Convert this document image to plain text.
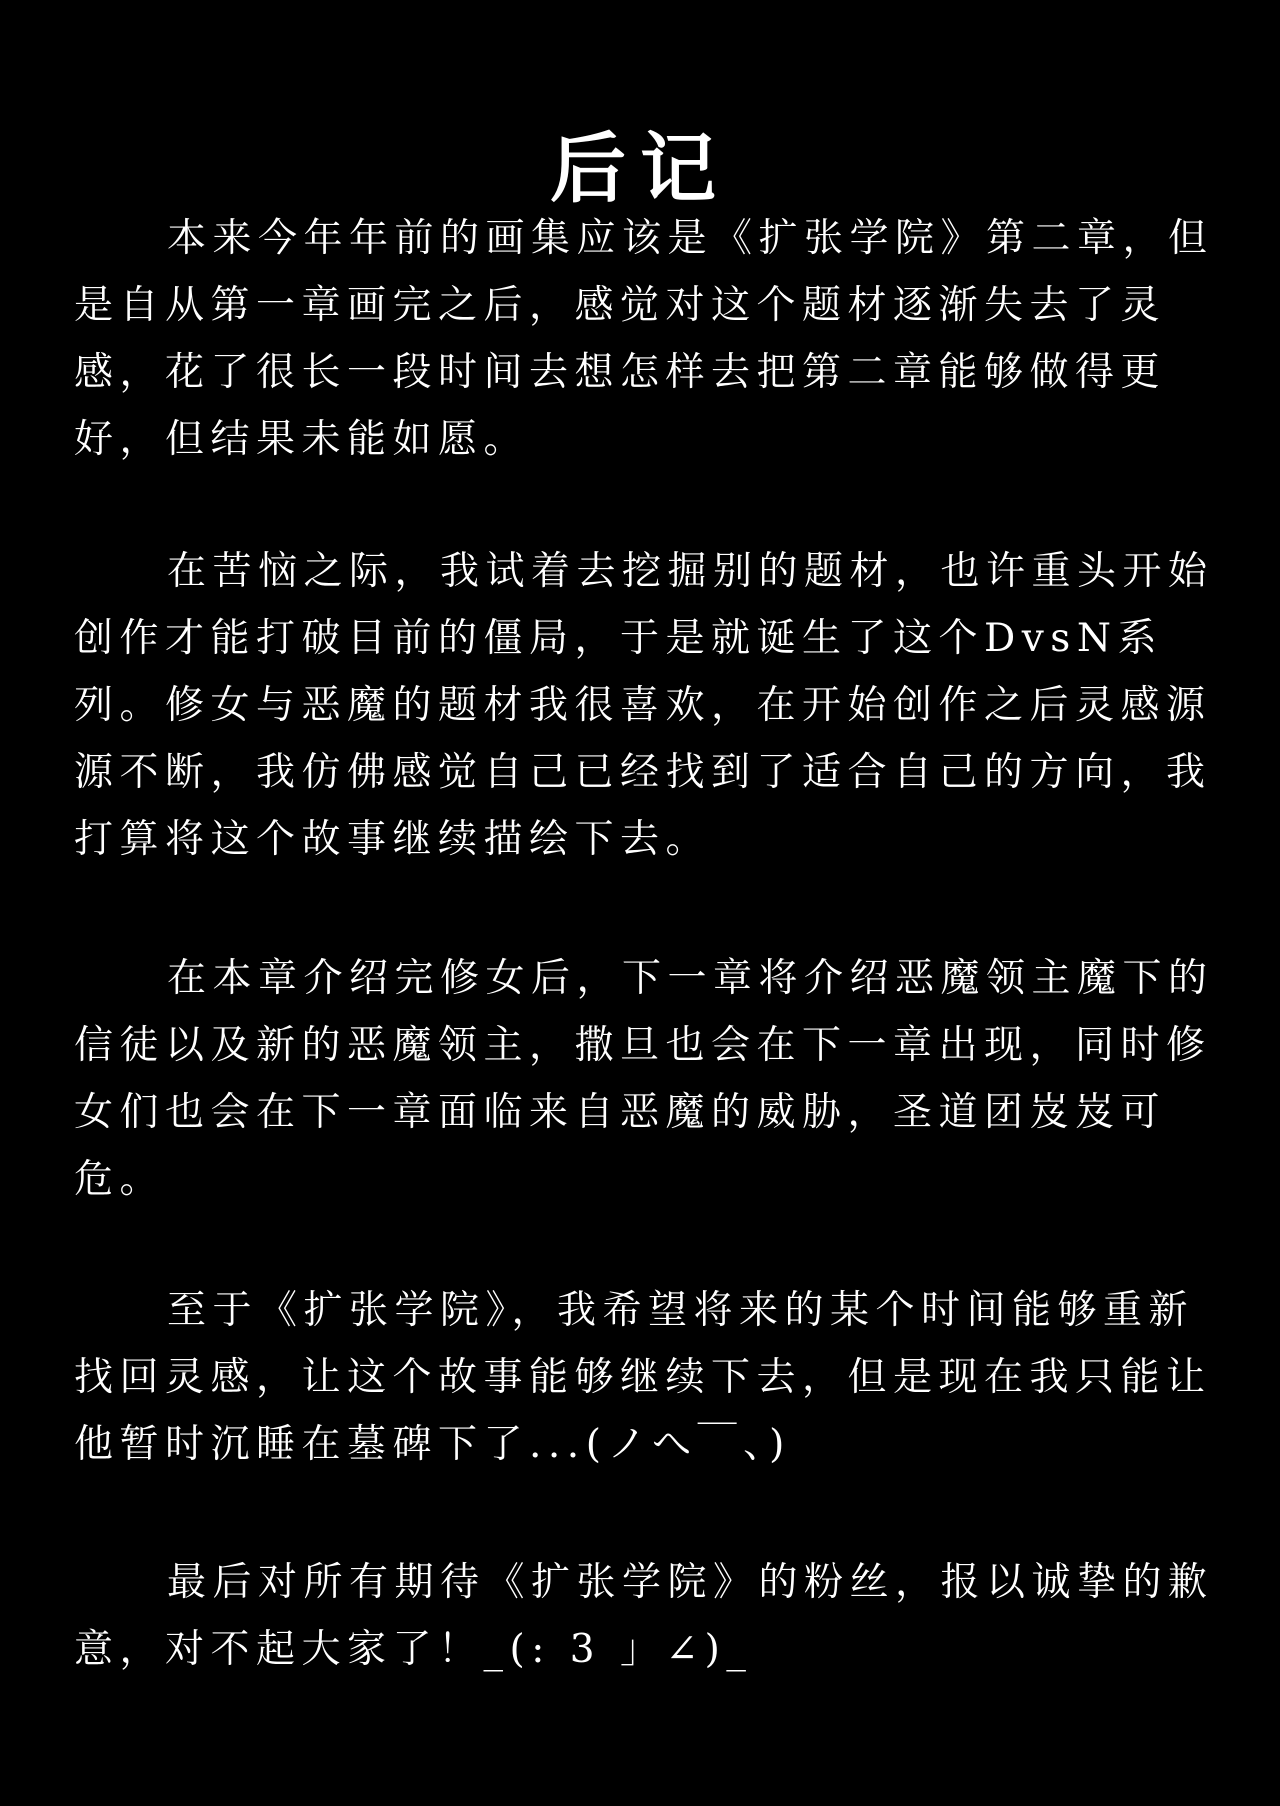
后记

本来今年年前的画集应该是《扩张学院》第二章，但是自从第一章画完之后，感觉对这个题材逐渐失去了灵感，花了很长一段时间去想怎样去把第二章能够做得更好，但结果未能如愿。

在苦恼之际，我试着去挖掘别的题材，也许重头开始创作才能打破目前的僵局，于是就诞生了这个DvsN系列。修女与恶魔的题材我很喜欢，在开始创作之后灵感源源不断，我仿佛感觉自己已经找到了适合自己的方向，我打算将这个故事继续描绘下去。

在本章介绍完修女后，下一章将介绍恶魔领主魔下的信徒以及新的恶魔领主，撒旦也会在下一章出现，同时修女们也会在下一章面临来自恶魔的威胁，圣道团岌岌可危。

至于《扩张学院》，我希望将来的某个时间能够重新找回灵感，让这个故事能够继续下去，但是现在我只能让他暂时沉睡在墓碑下了...(ノへ￣、)

最后对所有期待《扩张学院》的粉丝，报以诚挚的歉意，对不起大家了！_(: 3 」∠)_
